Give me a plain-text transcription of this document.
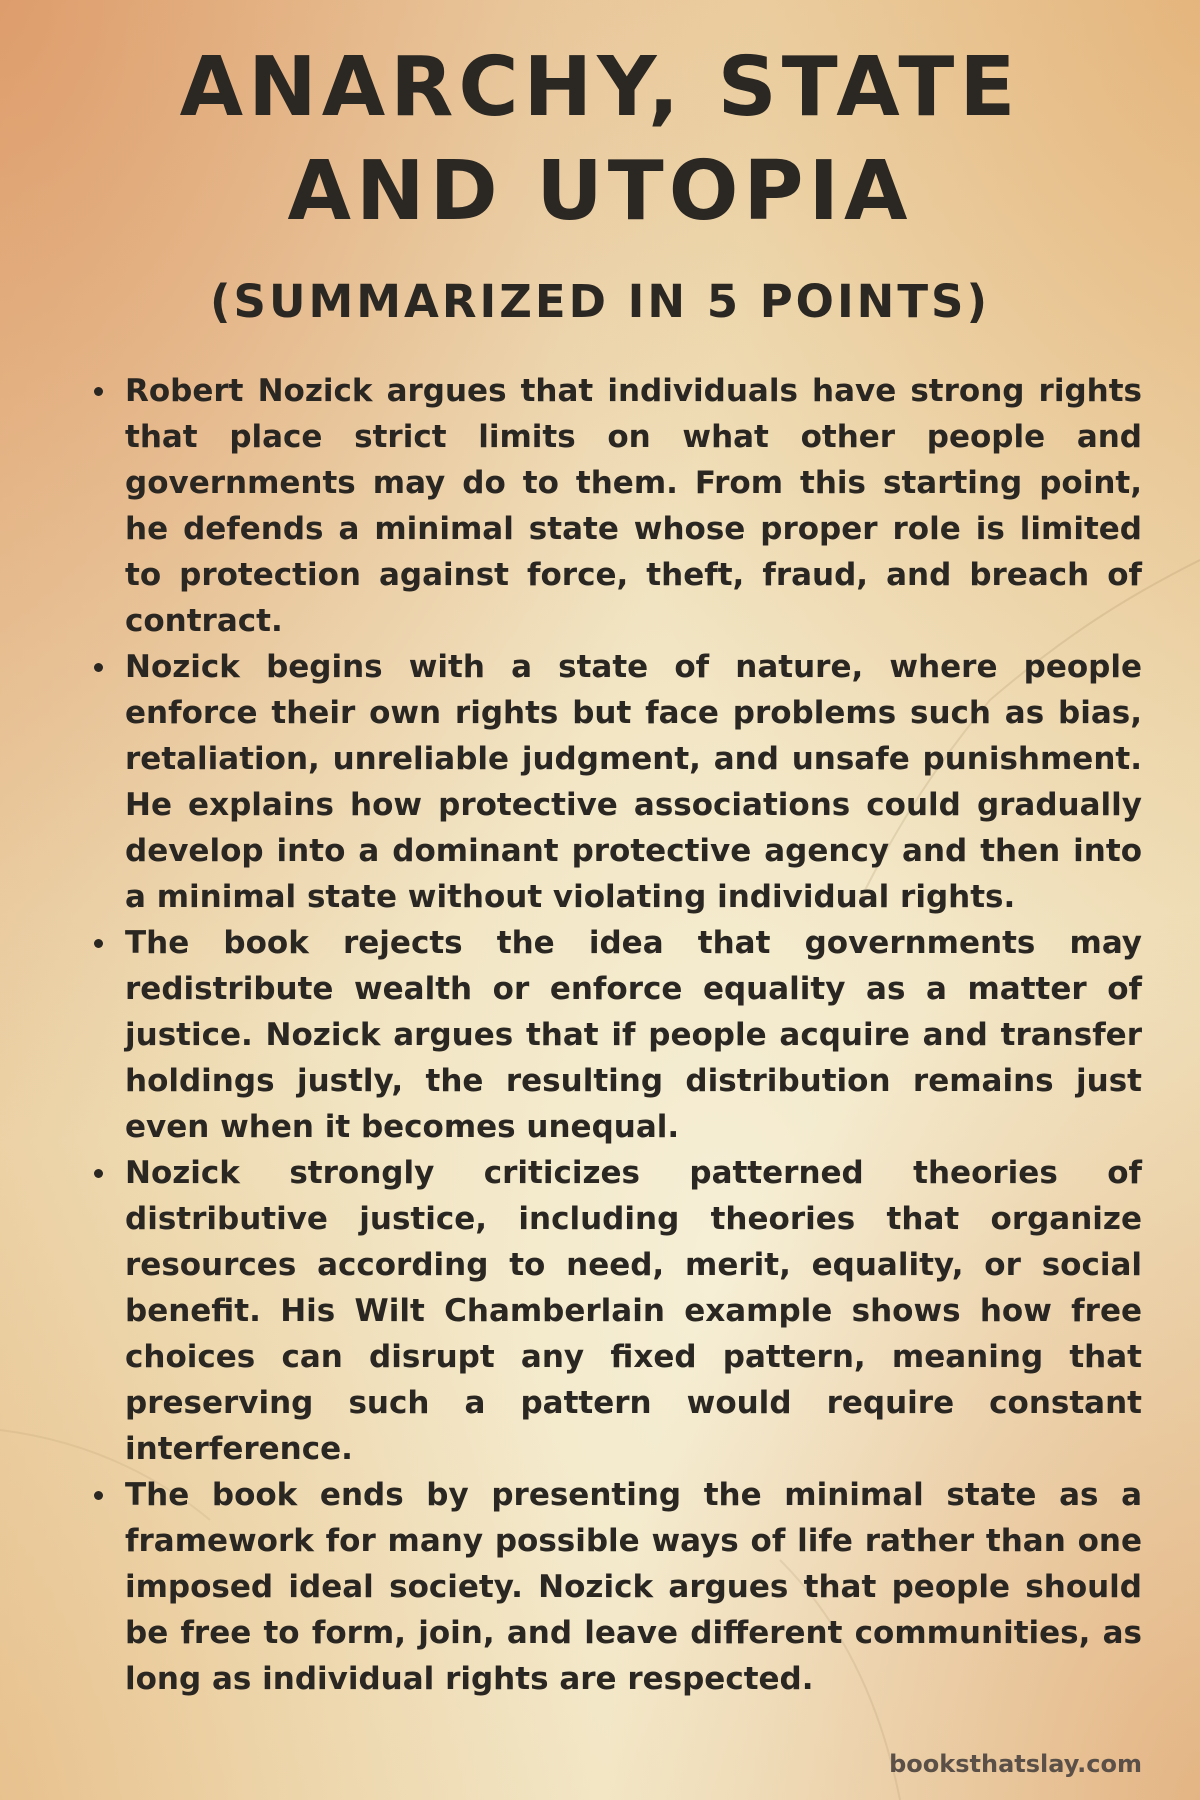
ANARCHY, STATE AND UTOPIA
(SUMMARIZED IN 5 POINTS)
Robert Nozick argues that individuals have strong rights that place strict limits on what other people and governments may do to them. From this starting point, he defends a minimal state whose proper role is limited to protection against force, theft, fraud, and breach of contract.
Nozick begins with a state of nature, where people enforce their own rights but face problems such as bias, retaliation, unreliable judgment, and unsafe punishment. He explains how protective associations could gradually develop into a dominant protective agency and then into a minimal state without violating individual rights.
The book rejects the idea that governments may redistribute wealth or enforce equality as a matter of justice. Nozick argues that if people acquire and transfer holdings justly, the resulting distribution remains just even when it becomes unequal.
Nozick strongly criticizes patterned theories of distributive justice, including theories that organize resources according to need, merit, equality, or social benefit. His Wilt Chamberlain example shows how free choices can disrupt any fixed pattern, meaning that preserving such a pattern would require constant interference.
The book ends by presenting the minimal state as a framework for many possible ways of life rather than one imposed ideal society. Nozick argues that people should be free to form, join, and leave different communities, as long as individual rights are respected.
booksthatslay.com
